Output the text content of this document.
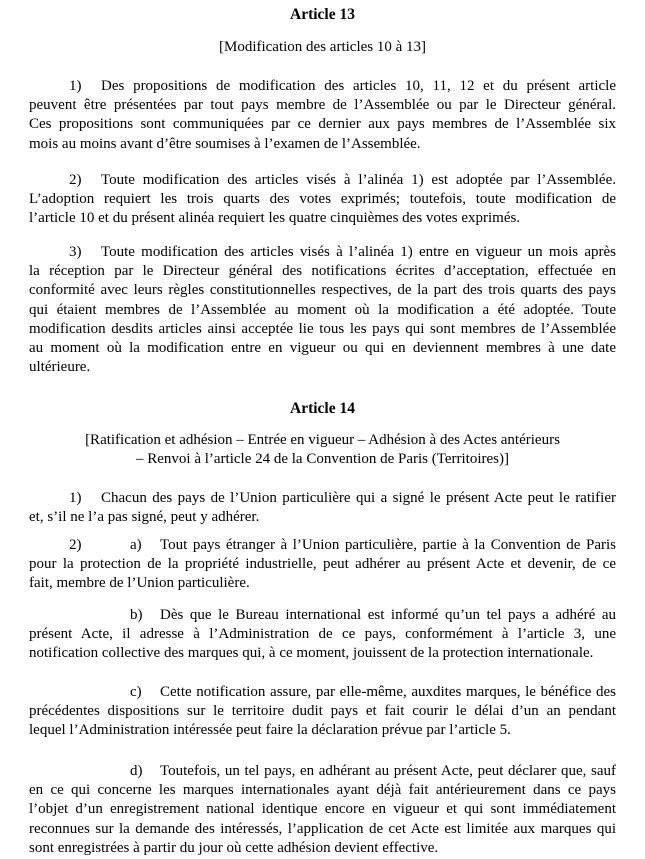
Article 13
[Modification des articles 10 à 13]
1) Des propositions de modification des articles 10, 11, 12 et du présent article
peuvent être présentées par tout pays membre de l’Assemblée ou par le Directeur général.
Ces propositions sont communiquées par ce dernier aux pays membres de l’Assemblée six
mois au moins avant d’être soumises à l’examen de l’Assemblée.
2) Toute modification des articles visés à l’alinéa 1) est adoptée par l’Assemblée.
L’adoption requiert les trois quarts des votes exprimés; toutefois, toute modification de
l’article 10 et du présent alinéa requiert les quatre cinquièmes des votes exprimés.
3) Toute modification des articles visés à l’alinéa 1) entre en vigueur un mois après
la réception par le Directeur général des notifications écrites d’acceptation, effectuée en
conformité avec leurs règles constitutionnelles respectives, de la part des trois quarts des pays
qui étaient membres de l’Assemblée au moment où la modification a été adoptée. Toute
modification desdits articles ainsi acceptée lie tous les pays qui sont membres de l’Assemblée
au moment où la modification entre en vigueur ou qui en deviennent membres à une date
ultérieure.
Article 14
[Ratification et adhésion – Entrée en vigueur – Adhésion à des Actes antérieurs
– Renvoi à l’article 24 de la Convention de Paris (Territoires)]
1) Chacun des pays de l’Union particulière qui a signé le présent Acte peut le ratifier
et, s’il ne l’a pas signé, peut y adhérer.
2)	a) Tout pays étranger à l’Union particulière, partie à la Convention de Paris
pour la protection de la propriété industrielle, peut adhérer au présent Acte et devenir, de ce
fait, membre de l’Union particulière.
b) Dès que le Bureau international est informé qu’un tel pays a adhéré au
présent Acte, il adresse à l’Administration de ce pays, conformément à l’article 3, une
notification collective des marques qui, à ce moment, jouissent de la protection internationale.
c) Cette notification assure, par elle-même, auxdites marques, le bénéfice des
précédentes dispositions sur le territoire dudit pays et fait courir le délai d’un an pendant
lequel l’Administration intéressée peut faire la déclaration prévue par l’article 5.
d) Toutefois, un tel pays, en adhérant au présent Acte, peut déclarer que, sauf
en ce qui concerne les marques internationales ayant déjà fait antérieurement dans ce pays
l’objet d’un enregistrement national identique encore en vigueur et qui sont immédiatement
reconnues sur la demande des intéressés, l’application de cet Acte est limitée aux marques qui
sont enregistrées à partir du jour où cette adhésion devient effective.
